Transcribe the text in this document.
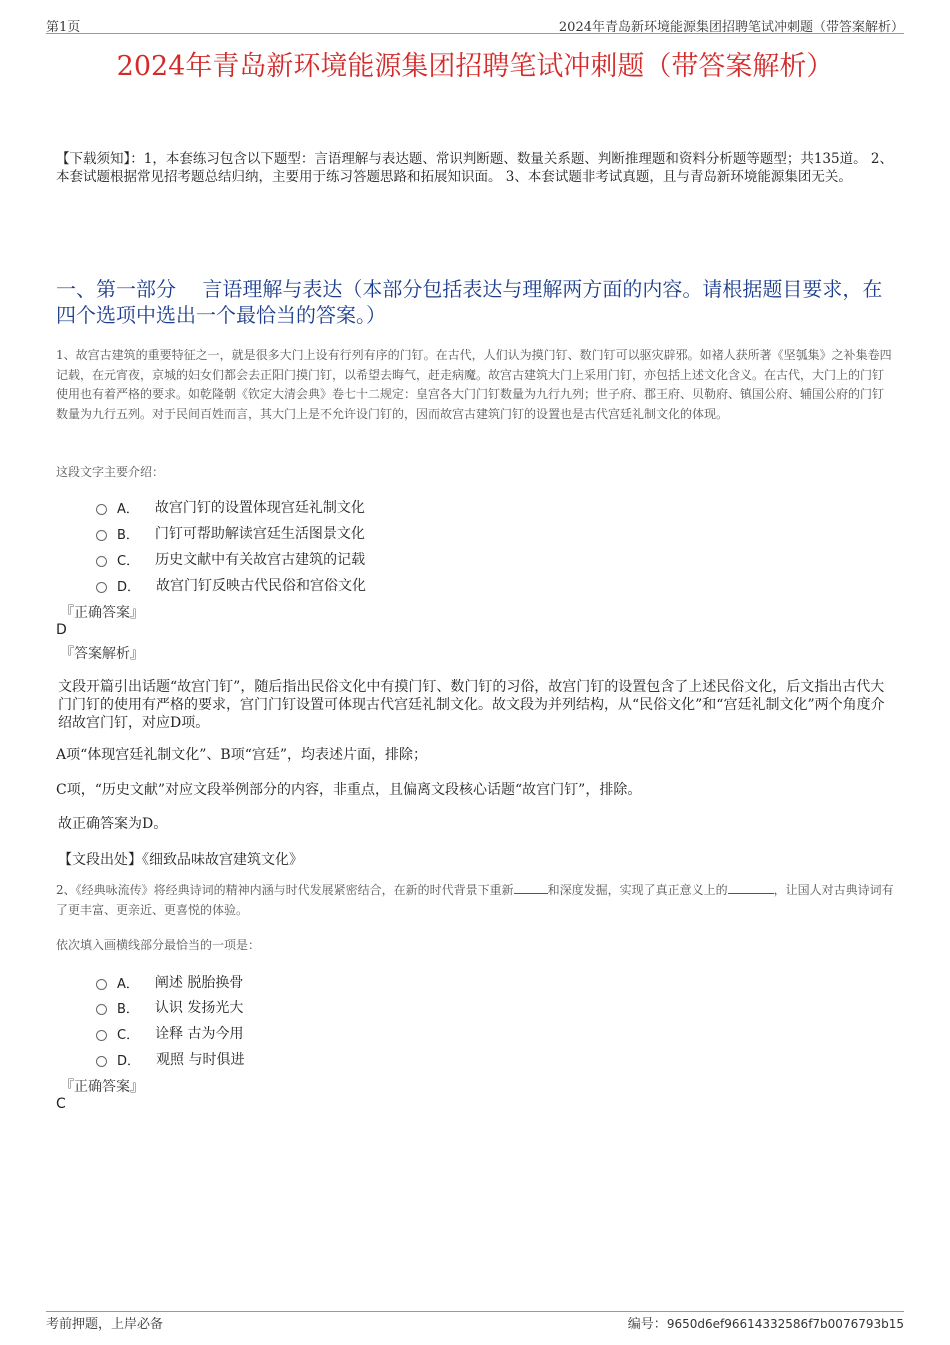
第1页	2024年青岛新环境能源集团招聘笔试冲刺题（带答案解析）
2024年青岛新环境能源集团招聘笔试冲刺题（带答案解析）
【下载须知】：1，本套练习包含以下题型：言语理解与表达题、常识判断题、数量关系题、判断推理题和资料分析题等题型；共135道。 2、本套试题根据常见招考题总结归纳，主要用于练习答题思路和拓展知识面。 3、本套试题非考试真题，且与青岛新环境能源集团无关。
一、第一部分　 言语理解与表达（本部分包括表达与理解两方面的内容。请根据题目要求，在四个选项中选出一个最恰当的答案。）
1、故宫古建筑的重要特征之一，就是很多大门上设有行列有序的门钉。在古代，人们认为摸门钉、数门钉可以驱灾辟邪。如褚人获所著《坚瓠集》之补集卷四记载，在元宵夜，京城的妇女们都会去正阳门摸门钉，以希望去晦气，赶走病魔。故宫古建筑大门上采用门钉，亦包括上述文化含义。在古代，大门上的门钉使用也有着严格的要求。如乾隆朝《钦定大清会典》卷七十二规定：皇宫各大门门钉数量为九行九列；世子府、郡王府、贝勒府、镇国公府、辅国公府的门钉数量为九行五列。对于民间百姓而言，其大门上是不允许设门钉的，因而故宫古建筑门钉的设置也是古代宫廷礼制文化的体现。
这段文字主要介绍：
A． 故宫门钉的设置体现宫廷礼制文化
B． 门钉可帮助解读宫廷生活图景文化
C． 历史文献中有关故宫古建筑的记载
D． 故宫门钉反映古代民俗和宫俗文化
『正确答案』
D
『答案解析』
文段开篇引出话题“故宫门钉”，随后指出民俗文化中有摸门钉、数门钉的习俗，故宫门钉的设置包含了上述民俗文化，后文指出古代大门门钉的使用有严格的要求，宫门门钉设置可体现古代宫廷礼制文化。故文段为并列结构，从“民俗文化”和“宫廷礼制文化”两个角度介绍故宫门钉，对应D项。
A项“体现宫廷礼制文化”、B项“宫廷”，均表述片面，排除；
C项，“历史文献”对应文段举例部分的内容，非重点，且偏离文段核心话题“故宫门钉”，排除。
故正确答案为D。
【文段出处】《细致品味故宫建筑文化》
2、《经典咏流传》将经典诗词的精神内涵与时代发展紧密结合，在新的时代背景下重新	和深度发掘，实现了真正意义上的	，让国人对古典诗词有了更丰富、更亲近、更喜悦的体验。
依次填入画横线部分最恰当的一项是：
A． 阐述 脱胎换骨
B． 认识 发扬光大
C． 诠释 古为今用
D． 观照 与时俱进
『正确答案』
C
考前押题，上岸必备	编号：9650d6ef96614332586f7b0076793b15
